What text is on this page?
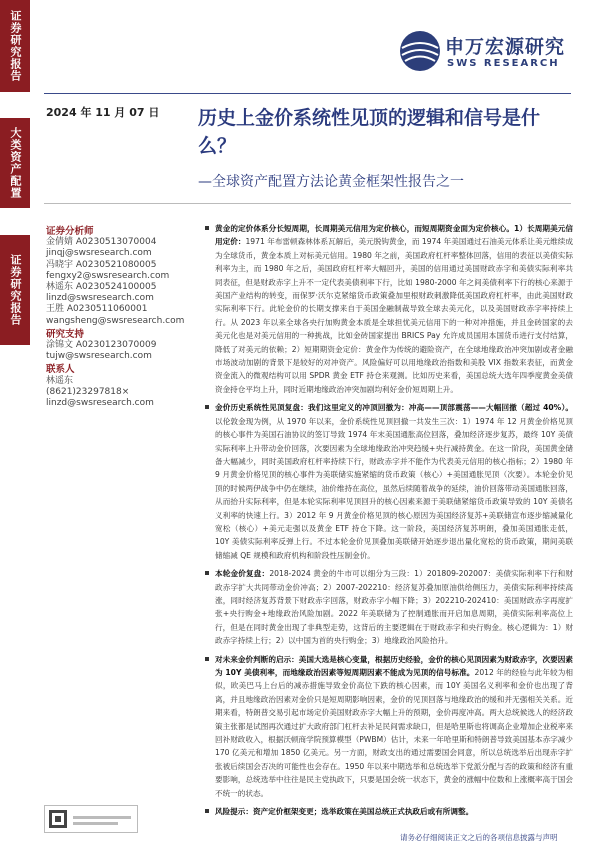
证券研究报告
大类资产配置
证券研究报告
申万宏源研究
SWS RESEARCH
2024 年 11 月 07 日 历史上金价系统性见顶的逻辑和信号是什么？
—全球资产配置方法论黄金框架性报告之一
证券分析师
金倩婧 A0230513070004
jinqj@swsresearch.com
冯晓宇 A0230521080005
fengxy2@swsresearch.com
林遥东 A0230524100005
linzd@swsresearch.com
王胜 A0230511060001
wangsheng@swsresearch.com
研究支持
涂锦文 A0230123070009
tujw@swsresearch.com
联系人
林遥东
(8621)23297818×
linzd@swsresearch.com
黄金的定价体系分长短周期，长周期美元信用为定价核心，而短周期资金面为定价核心。1）长周期美元信用定价：1971 年布雷顿森林体系瓦解后，美元脱钩黄金，而 1974 年美国通过石油美元体系让美元维续成为全球货币，黄金本质上对标美元信用。1980 年之前，美国政府杠杆率整体回落，信用的表征以美债实际利率为主，而 1980 年之后，美国政府杠杆率大幅回升，美国的信用通过美国财政赤字和美债实际利率共同表征，但是财政赤字上升不一定代表美债利率下行，比如 1980-2000 年之间美债利率下行的核心来源于美国产业结构的转变，而保罗·沃尔克紧缩货币政策叠加里根财政刺激降低美国政府杠杆率，由此美国财政实际利率下行。此轮金价的长期支撑来自于美国金融制裁导致全球去美元化，以及美国财政赤字率持续上行。从 2023 年以来全球各央行加购黄金本质是全球担忧美元信用下的一种对冲措施，并且金砖国家的去美元化也是对美元信用的一种挑战，比如金砖国家提出 BRICS Pay 允许成员国用本国货币进行支付结算，降低了对美元的依赖；2）短期期资金定价：黄金作为传统的避险资产，在全球地缘政治冲突加剧或者金融市场波动加剧的背景下是较好的对冲资产。风险偏好可以用地缘政治指数和美股 VIX 指数来表征，而黄金资金流入的微观结构可以用 SPDR 黄金 ETF 持仓来观测。比如历史来看，美国总统大选年四季度黄金美债资金持仓平均上升，同时近期地缘政治冲突加剧均利好金价短周期上升。
金价历史系统性见顶复盘：我们这里定义的冲顶回撤为：冲高——顶部震荡——大幅回撤（超过 40%）。以伦敦金现为例，从 1970 年以来，金价系统性见顶回撤一共发生三次：1）1974 年 12 月黄金价格见顶的核心事件为美国石油协议的签订导致 1974 年末美国通胀高位回落，叠加经济逐步复苏，最终 10Y 美债实际利率上升带动金价回落，次要因素为全球地缘政治冲突趋缓+央行减持黄金。在这一阶段，美国黄金储备大幅减少，同时美国政府杠杆率持续下行，财政赤字并不能作为代表美元信用的核心指标；2）1980 年 9 月黄金价格见顶的核心事件为美联储实施紧缩的货币政策（核心）+美国通胀见顶（次要）。本轮金价见顶的时候两伊战争中仍在继续，油价维持在高位，虽然后续随着战争的延续，油价回落带动美国通胀回落，从而抬升实际利率，但是本轮实际利率见顶回升的核心因素来源于美联储紧缩货币政策导致的 10Y 美债名义利率的快速上行。3）2012 年 9 月黄金价格见顶的核心原因为美国经济复苏+美联储宣布逐步缩减量化宽松（核心）+美元走强以及黄金 ETF 持仓下降。这一阶段，美国经济复苏明朗，叠加美国通胀走低，10Y 美债实际利率反弹上行。不过本轮金价见顶叠加美联储开始逐步退出量化宽松的货币政策，期间美联储缩减 QE 规模和政府机构和阶段性压制金价。
本轮金价复盘：2018-2024 黄金的牛市可以细分为三段：1）201809-202007：美债实际利率下行和财政赤字扩大共同带动金价冲高；2）2007-202210：经济复苏叠加原油供给侧压力，美债实际利率持续高涨，同时经济复苏背景下财政赤字回落，财政赤字小幅下降；3）202210-202410：美国财政赤字再度扩张+央行购金+地缘政治风险加剧。2022 年美联储为了控制通胀而开启加息周期，美债实际利率高位上行，但是在同时黄金出现了非典型走势，这背后的主要逻辑在于财政赤字和央行购金。核心逻辑为：1）财政赤字持续上行；2）以中国为首的央行购金；3）地缘政治风险抬升。
对未来金价判断的启示：美国大选是核心变量，根据历史经验，金价的核心见顶因素为财政赤字，次要因素为 10Y 美债利率，而地缘政治因素等短周期因素不能成为见顶的信号标准。2012 年的经验与此年较为相似，欧美巴马上台后的减赤措施导致金价高位下跌的核心因素，而 10Y 美国名义利率和金价也出现了背离，并且地缘政治因素对金价只是短周期影响因素，金价的见顶回落与地缘政治的缓和并无强相关关系。近期来看，特朗普交易引起市场定价美国财政赤字大幅上升的预期，金价再度冲高。两大总统候选人的经济政策主张都是试图再次通过扩大政府部门杠杆去补足民间需求缺口，但是哈里斯也将调高企业增加企业税率来回补财政收入，根据沃顿商学院预算模型（PWBM）估计，未来一年哈里斯和特朗普导致美国基本赤字减少 170 亿美元和增加 1850 亿美元。另一方面，财政支出的通过需要国会同意，所以总统选举后出现赤字扩张被后续国会否决的可能性也会存在。1950 年以来中期选举和总统选举下党派分配与否的政策和经济有重要影响，总统选举中往往是民主党执政下，只要是国会统一状态下，黄金的涨幅中位数和上涨概率高于国会不统一的状态。
风险提示：资产定价框架变更；选举政策在美国总统正式执政后或有所调整。
请务必仔细阅读正文之后的各项信息披露与声明
